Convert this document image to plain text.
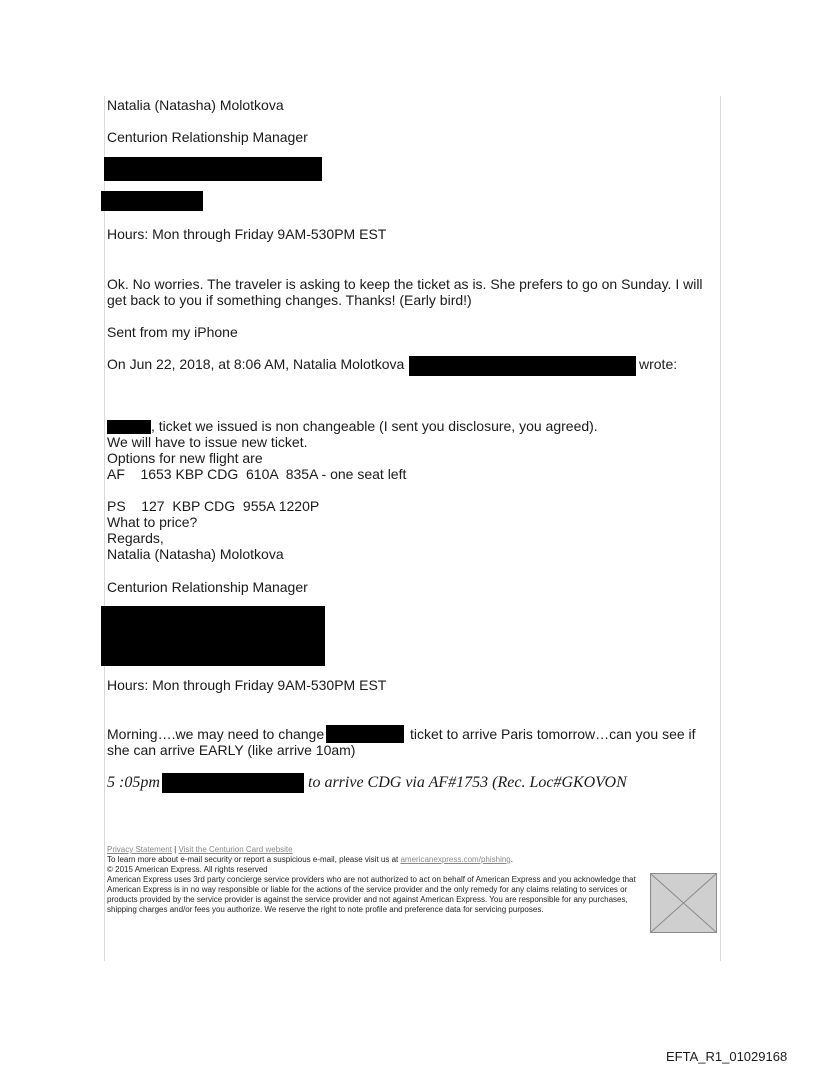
Natalia (Natasha) Molotkova
Centurion Relationship Manager
Hours: Mon through Friday 9AM-530PM EST
Ok. No worries. The traveler is asking to keep the ticket as is. She prefers to go on Sunday. I will
get back to you if something changes. Thanks! (Early bird!)
Sent from my iPhone
On Jun 22, 2018, at 8:06 AM, Natalia Molotkova	wrote:
, ticket we issued is non changeable (I sent you disclosure, you agreed).
We will have to issue new ticket.
Options for new flight are
AF    1653 KBP CDG  610A  835A - one seat left
PS    127  KBP CDG  955A 1220P
What to price?
Regards,
Natalia (Natasha) Molotkova
Centurion Relationship Manager
Hours: Mon through Friday 9AM-530PM EST
Morning….we may need to change	ticket to arrive Paris tomorrow…can you see if
she can arrive EARLY (like arrive 10am)
5 :05pm	to arrive CDG via AF#1753 (Rec. Loc#GKOVON

Privacy Statement | Visit the Centurion Card website

To learn more about e-mail security or report a suspicious e-mail, please visit us at americanexpress.com/phishing.

© 2015 American Express. All rights reserved

American Express uses 3rd party concierge service providers who are not authorized to act on behalf of American Express and you acknowledge that American Express is in no way responsible or liable for the actions of the service provider and the only remedy for any claims relating to services or products provided by the service provider is against the service provider and not against American Express. You are responsible for any purchases, shipping charges and/or fees you authorize. We reserve the right to note profile and preference data for servicing purposes.

EFTA_R1_01029168
